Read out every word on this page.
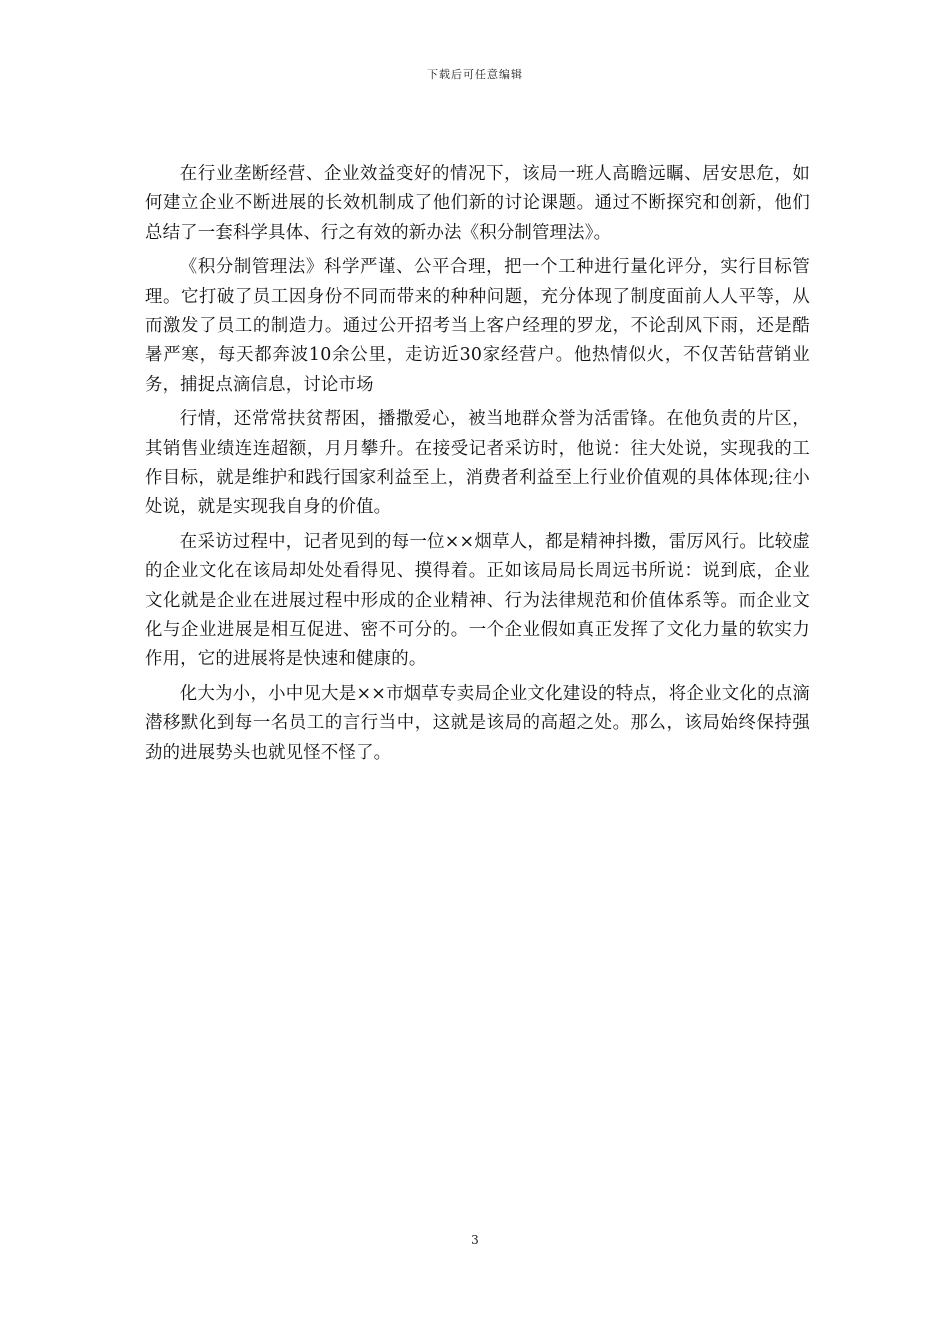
下载后可任意编辑

在行业垄断经营、企业效益变好的情况下，该局一班人高瞻远瞩、居安思危，如何建立企业不断进展的长效机制成了他们新的讨论课题。通过不断探究和创新，他们总结了一套科学具体、行之有效的新办法《积分制管理法》。

《积分制管理法》科学严谨、公平合理，把一个工种进行量化评分，实行目标管理。它打破了员工因身份不同而带来的种种问题，充分体现了制度面前人人平等，从而激发了员工的制造力。通过公开招考当上客户经理的罗龙，不论刮风下雨，还是酷暑严寒，每天都奔波10余公里，走访近30家经营户。他热情似火，不仅苦钻营销业务，捕捉点滴信息，讨论市场

行情，还常常扶贫帮困，播撒爱心，被当地群众誉为活雷锋。在他负责的片区，其销售业绩连连超额，月月攀升。在接受记者采访时，他说：往大处说，实现我的工作目标，就是维护和践行国家利益至上，消费者利益至上行业价值观的具体体现;往小处说，就是实现我自身的价值。

在采访过程中，记者见到的每一位××烟草人，都是精神抖擞，雷厉风行。比较虚的企业文化在该局却处处看得见、摸得着。正如该局局长周远书所说：说到底，企业文化就是企业在进展过程中形成的企业精神、行为法律规范和价值体系等。而企业文化与企业进展是相互促进、密不可分的。一个企业假如真正发挥了文化力量的软实力作用，它的进展将是快速和健康的。

化大为小，小中见大是××市烟草专卖局企业文化建设的特点，将企业文化的点滴潜移默化到每一名员工的言行当中，这就是该局的高超之处。那么，该局始终保持强劲的进展势头也就见怪不怪了。

3
